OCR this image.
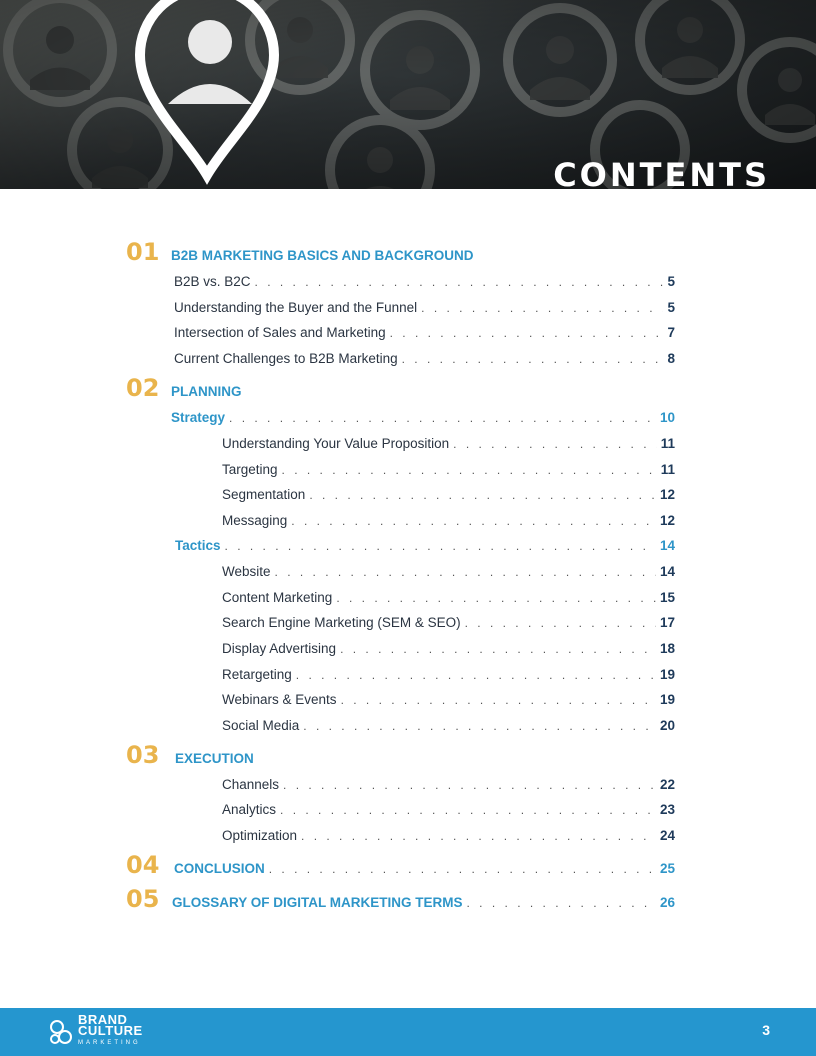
CONTENTS
01 B2B MARKETING BASICS AND BACKGROUND
B2B vs. B2C . . .	5
Understanding the Buyer and the Funnel . . .	5
Intersection of Sales and Marketing . . .	7
Current Challenges to B2B Marketing . . .	8
02 PLANNING
Strategy . . .	10
Understanding Your Value Proposition . . .	11
Targeting . . .	11
Segmentation . . .	12
Messaging . . .	12
Tactics . . .	14
Website . . .	14
Content Marketing . . .	15
Search Engine Marketing (SEM & SEO) . . .	17
Display Advertising . . .	18
Retargeting . . .	19
Webinars & Events . . .	19
Social Media . . .	20
03 EXECUTION
Channels . . .	22
Analytics . . .	23
Optimization . . .	24
04 CONCLUSION . . .	25
05 GLOSSARY OF DIGITAL MARKETING TERMS . . .	26
BRAND
CULTURE
MARKETING
3
